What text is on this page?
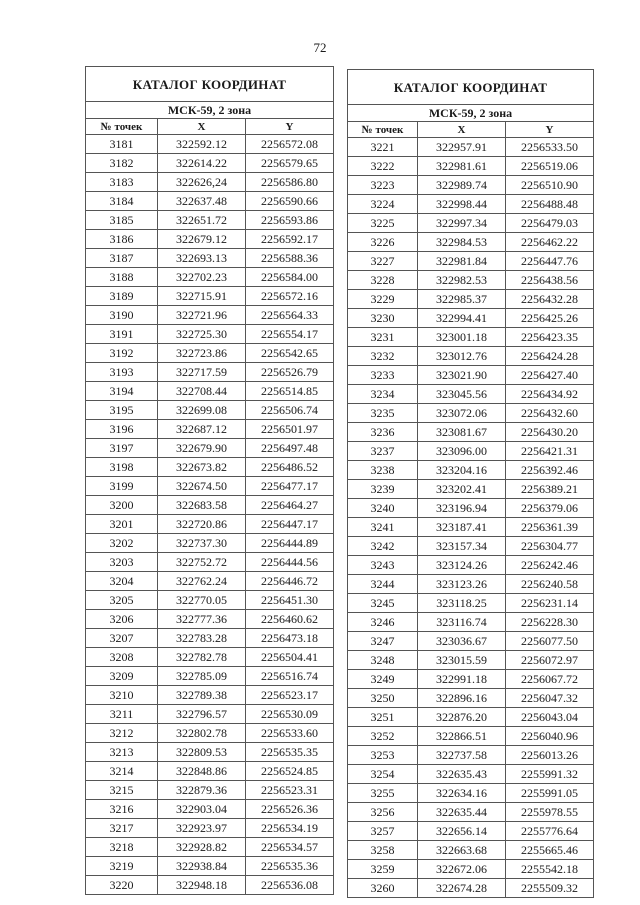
72
КАТАЛОГ КООРДИНАТ		
МСК-59, 2 зона		
№ точек	X	Y
3181	322592.12	2256572.08
3182	322614.22	2256579.65
3183	322626,24	2256586.80
3184	322637.48	2256590.66
3185	322651.72	2256593.86
3186	322679.12	2256592.17
3187	322693.13	2256588.36
3188	322702.23	2256584.00
3189	322715.91	2256572.16
3190	322721.96	2256564.33
3191	322725.30	2256554.17
3192	322723.86	2256542.65
3193	322717.59	2256526.79
3194	322708.44	2256514.85
3195	322699.08	2256506.74
3196	322687.12	2256501.97
3197	322679.90	2256497.48
3198	322673.82	2256486.52
3199	322674.50	2256477.17
3200	322683.58	2256464.27
3201	322720.86	2256447.17
3202	322737.30	2256444.89
3203	322752.72	2256444.56
3204	322762.24	2256446.72
3205	322770.05	2256451.30
3206	322777.36	2256460.62
3207	322783.28	2256473.18
3208	322782.78	2256504.41
3209	322785.09	2256516.74
3210	322789.38	2256523.17
3211	322796.57	2256530.09
3212	322802.78	2256533.60
3213	322809.53	2256535.35
3214	322848.86	2256524.85
3215	322879.36	2256523.31
3216	322903.04	2256526.36
3217	322923.97	2256534.19
3218	322928.82	2256534.57
3219	322938.84	2256535.36
3220	322948.18	2256536.08
КАТАЛОГ КООРДИНАТ		
МСК-59, 2 зона		
№ точек	X	Y
3221	322957.91	2256533.50
3222	322981.61	2256519.06
3223	322989.74	2256510.90
3224	322998.44	2256488.48
3225	322997.34	2256479.03
3226	322984.53	2256462.22
3227	322981.84	2256447.76
3228	322982.53	2256438.56
3229	322985.37	2256432.28
3230	322994.41	2256425.26
3231	323001.18	2256423.35
3232	323012.76	2256424.28
3233	323021.90	2256427.40
3234	323045.56	2256434.92
3235	323072.06	2256432.60
3236	323081.67	2256430.20
3237	323096.00	2256421.31
3238	323204.16	2256392.46
3239	323202.41	2256389.21
3240	323196.94	2256379.06
3241	323187.41	2256361.39
3242	323157.34	2256304.77
3243	323124.26	2256242.46
3244	323123.26	2256240.58
3245	323118.25	2256231.14
3246	323116.74	2256228.30
3247	323036.67	2256077.50
3248	323015.59	2256072.97
3249	322991.18	2256067.72
3250	322896.16	2256047.32
3251	322876.20	2256043.04
3252	322866.51	2256040.96
3253	322737.58	2256013.26
3254	322635.43	2255991.32
3255	322634.16	2255991.05
3256	322635.44	2255978.55
3257	322656.14	2255776.64
3258	322663.68	2255665.46
3259	322672.06	2255542.18
3260	322674.28	2255509.32
